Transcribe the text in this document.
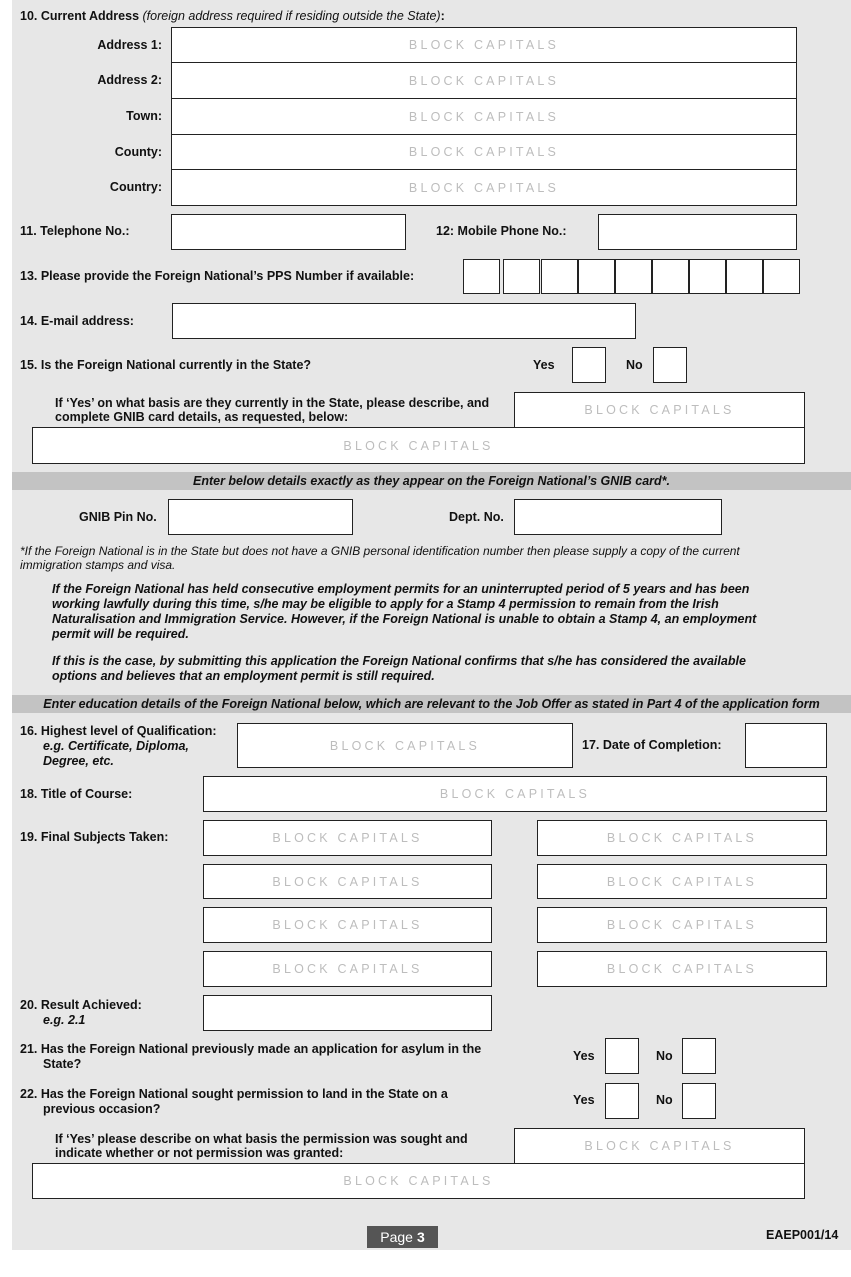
10. Current Address (foreign address required if residing outside the State):
Address 1:	BLOCK CAPITALS
Address 2:	BLOCK CAPITALS
Town:	BLOCK CAPITALS
County:	BLOCK CAPITALS
Country:	BLOCK CAPITALS
11. Telephone No.:	12: Mobile Phone No.:
13. Please provide the Foreign National’s PPS Number if available:
14. E-mail address:
15. Is the Foreign National currently in the State?	Yes	No
If ‘Yes’ on what basis are they currently in the State, please describe, and
complete GNIB card details, as requested, below:	BLOCK CAPITALS
BLOCK CAPITALS
Enter below details exactly as they appear on the Foreign National’s GNIB card*.
GNIB Pin No.	Dept. No.
*If the Foreign National is in the State but does not have a GNIB personal identification number then please supply a copy of the current
immigration stamps and visa.
If the Foreign National has held consecutive employment permits for an uninterrupted period of 5 years and has been
working lawfully during this time, s/he may be eligible to apply for a Stamp 4 permission to remain from the Irish
Naturalisation and Immigration Service. However, if the Foreign National is unable to obtain a Stamp 4, an employment
permit will be required.
If this is the case, by submitting this application the Foreign National confirms that s/he has considered the available
options and believes that an employment permit is still required.
Enter education details of the Foreign National below, which are relevant to the Job Offer as stated in Part 4 of the application form
16. Highest level of Qualification:
e.g. Certificate, Diploma,
Degree, etc.
BLOCK CAPITALS	17. Date of Completion:
18. Title of Course:	BLOCK CAPITALS
19. Final Subjects Taken:	BLOCK CAPITALS	BLOCK CAPITALS
BLOCK CAPITALS	BLOCK CAPITALS
BLOCK CAPITALS	BLOCK CAPITALS
BLOCK CAPITALS	BLOCK CAPITALS
20. Result Achieved:
e.g. 2.1
21. Has the Foreign National previously made an application for asylum in the
State?
Yes	No
22. Has the Foreign National sought permission to land in the State on a
previous occasion?
Yes	No
If ‘Yes’ please describe on what basis the permission was sought and
indicate whether or not permission was granted:	BLOCK CAPITALS
BLOCK CAPITALS
Page 3	EAEP001/14
